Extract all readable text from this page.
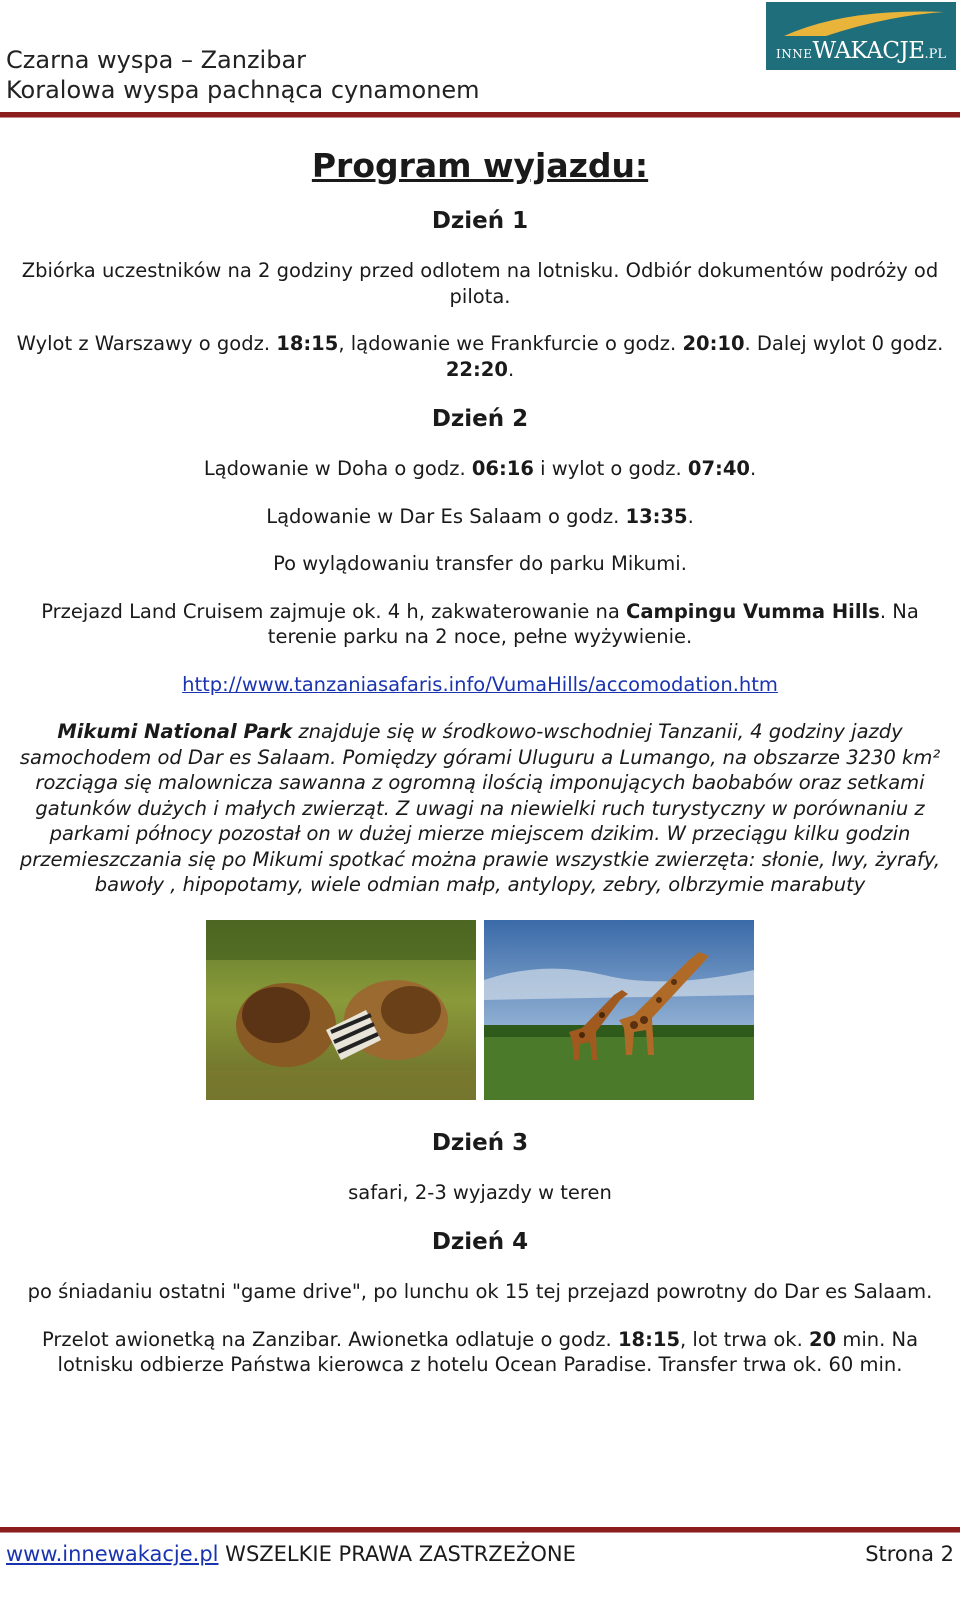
Czarna wyspa – Zanzibar
Koralowa wyspa pachnąca cynamonem
INNEWAKACJE.PL
Program wyjazdu:
Dzień 1
Zbiórka uczestników na 2 godziny przed odlotem na lotnisku. Odbiór dokumentów podróży od pilota.
Wylot z Warszawy o godz. 18:15, lądowanie we Frankfurcie o godz. 20:10. Dalej wylot 0 godz. 22:20.
Dzień 2
Lądowanie w Doha o godz. 06:16 i wylot o godz. 07:40.
Lądowanie w Dar Es Salaam o godz. 13:35.
Po wylądowaniu transfer do parku Mikumi.
Przejazd Land Cruisem zajmuje ok. 4 h, zakwaterowanie na Campingu Vumma Hills. Na terenie parku na 2 noce, pełne wyżywienie.
http://www.tanzaniasafaris.info/VumaHills/accomodation.htm
Mikumi National Park znajduje się w środkowo-wschodniej Tanzanii, 4 godziny jazdy samochodem od Dar es Salaam. Pomiędzy górami Uluguru a Lumango, na obszarze 3230 km² rozciąga się malownicza sawanna z ogromną ilością imponujących baobabów oraz setkami gatunków dużych i małych zwierząt. Z uwagi na niewielki ruch turystyczny w porównaniu z parkami północy pozostał on w dużej mierze miejscem dzikim. W przeciągu kilku godzin przemieszczania się po Mikumi spotkać można prawie wszystkie zwierzęta: słonie, lwy, żyrafy, bawoły , hipopotamy, wiele odmian małp, antylopy, zebry, olbrzymie marabuty
Dzień 3
safari, 2-3 wyjazdy w teren
Dzień 4
po śniadaniu ostatni "game drive", po lunchu ok 15 tej przejazd powrotny do Dar es Salaam.
Przelot awionetką na Zanzibar. Awionetka odlatuje o godz. 18:15, lot trwa ok. 20 min. Na lotnisku odbierze Państwa kierowca z hotelu Ocean Paradise. Transfer trwa ok. 60 min.
www.innewakacje.pl WSZELKIE PRAWA ZASTRZEŻONE	Strona 2
